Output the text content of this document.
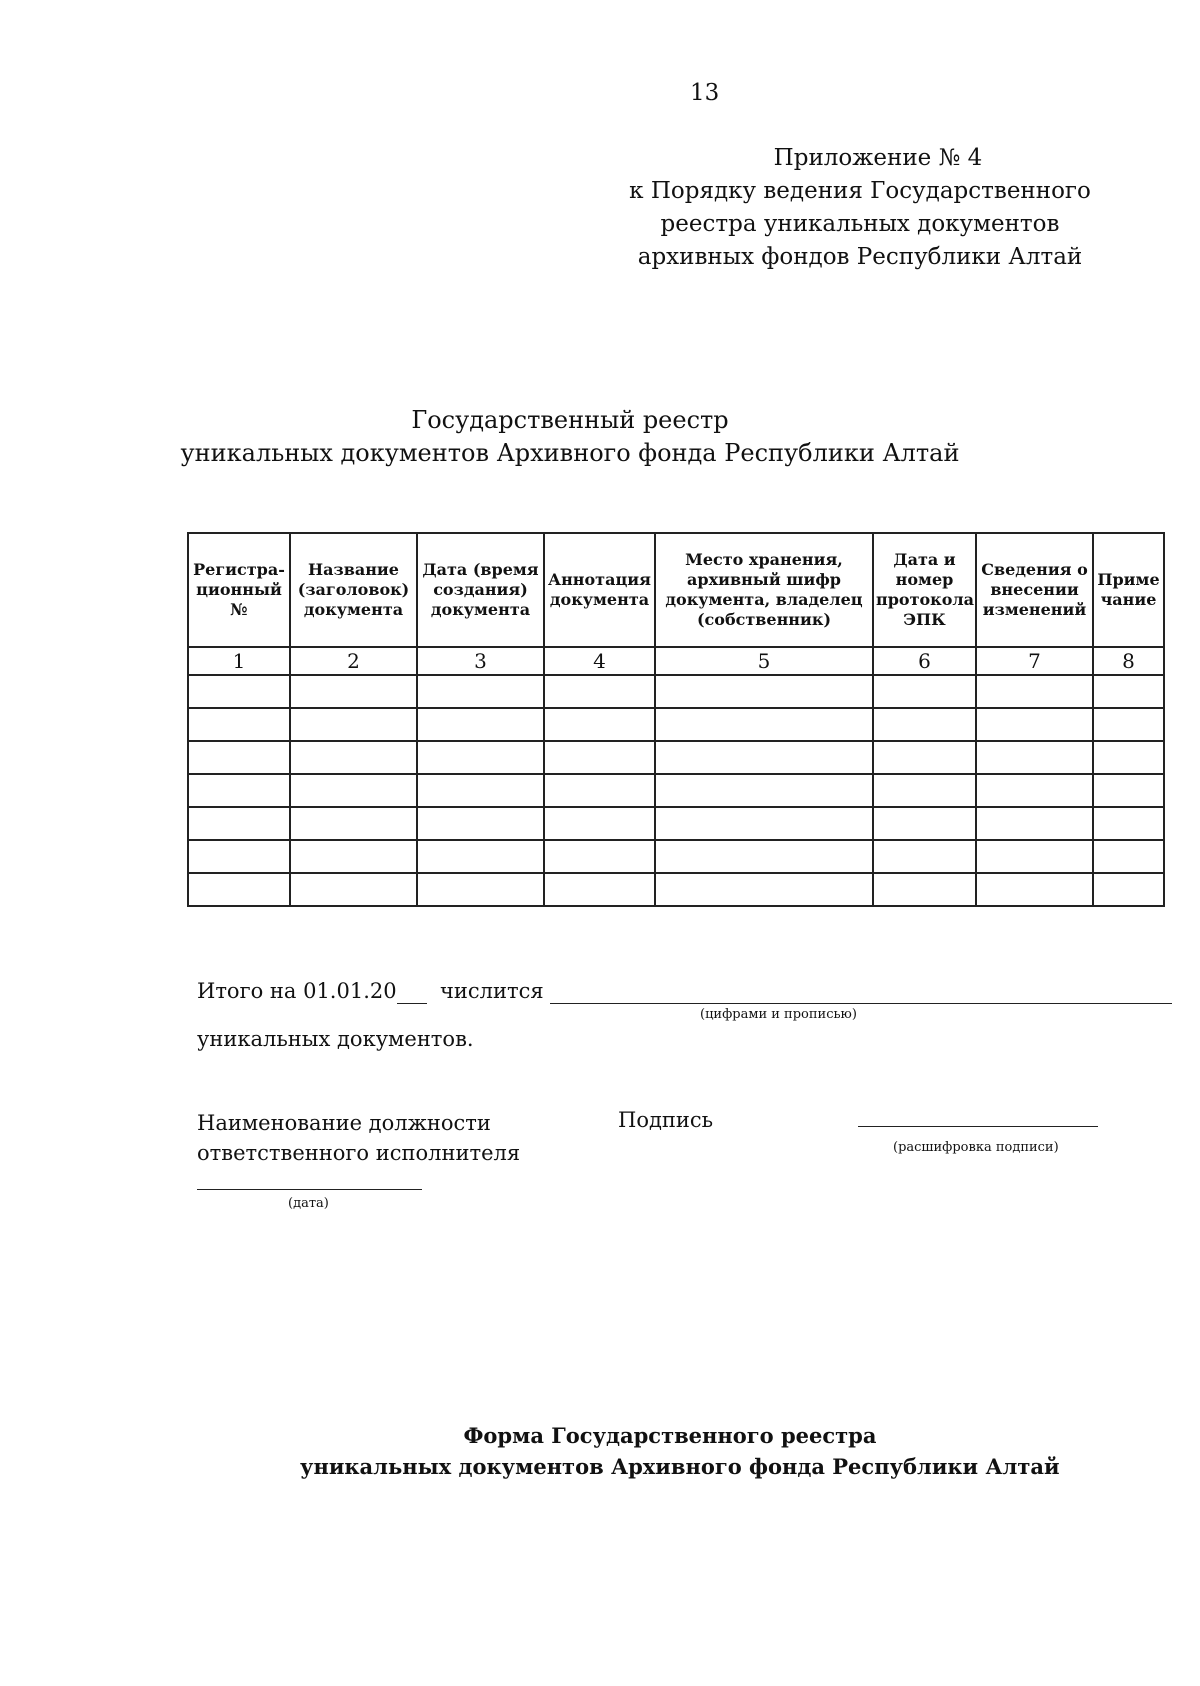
13
Приложение № 4
к Порядку ведения Государственного
реестра уникальных документов
архивных фондов Республики Алтай
Государственный реестр
уникальных документов Архивного фонда Республики Алтай
Регистра-ционный №	Название (заголовок) документа	Дата (время создания) документа	Аннотация документа	Место хранения, архивный шифр документа, владелец (собственник)	Дата и номер протокола ЭПК	Сведения о внесении изменений	Приме чание
1	2	3	4	5	6	7	8

Итого на 01.01.20 числится
(цифрами и прописью)
уникальных документов.
Наименование должности
ответственного исполнителя
Подпись
(расшифровка подписи)
(дата)
Форма Государственного реестра
уникальных документов Архивного фонда Республики Алтай
